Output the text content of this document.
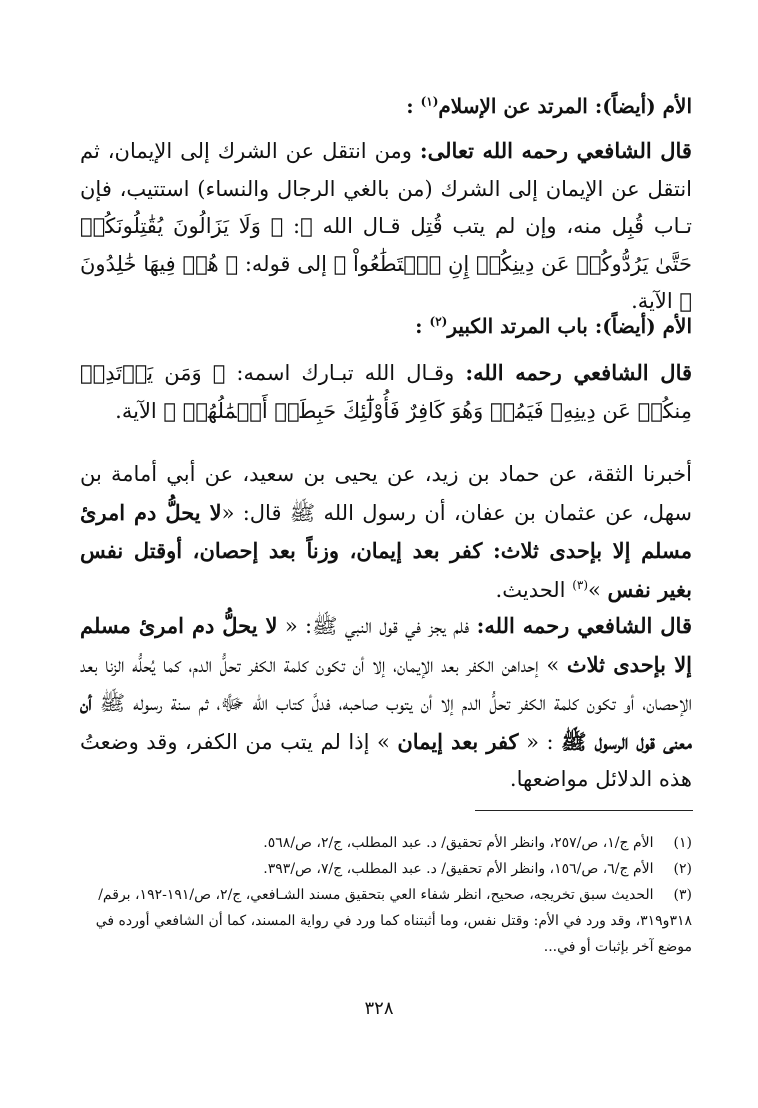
الأم (أيضاً): المرتد عن الإسلام$^{(١)}$ :

قال الشافعي رحمه الله تعالى: ومن انتقل عن الشرك إلى الإيمان، ثم انتقل عن الإيمان إلى الشرك (من بالغي الرجال والنساء) استتيب، فإن تـاب قُبِل منه، وإن لم يتب قُتِل قـال الله ﷻ: ﴿ وَلَا يَزَالُونَ يُقَٰتِلُونَكُمۡ حَتَّىٰ يَرُدُّوكُمۡ عَن دِينِكُمۡ إِنِ ٱسۡتَطَٰعُواْ ﴾ إلى قوله: ﴿ هُمۡ فِيهَا خَٰلِدُونَ ﴾ الآية.

الأم (أيضاً): باب المرتد الكبير$^{(٢)}$ :

قال الشافعي رحمه الله: وقـال الله تبـارك اسمه: ﴿ وَمَن يَرۡتَدِدۡ مِنكُمۡ عَن دِينِهِۦ فَيَمُتۡ وَهُوَ كَافِرٌ فَأُوْلَٰٓئِكَ حَبِطَتۡ أَعۡمَٰلُهُمۡ ﴾ الآية.

أخبرنا الثقة، عن حماد بن زيد، عن يحيى بن سعيد، عن أبي أمامة بن سهل، عن عثمان بن عفان، أن رسول الله ﷺ قال: «لا يحلُّ دم امرئ مسلم إلا بإحدى ثلاث: كفر بعد إيمان، وزناً بعد إحصان، أوقتل نفس بغير نفس »$^{(٣)}$ الحديث.

قال الشافعي رحمه الله: فلم يجز في قول النبي ﷺ: « لا يحلُّ دم امرئ مسلم إلا بإحدى ثلاث » إحداهن الكفر بعد الإيمان، إلا أن تكون كلمة الكفر تحلُّ الدم، كما يُحلُّه الزنا بعد الإحصان، أو تكون كلمة الكفر تحلُّ الدم إلا أن يتوب صاحبه، فدلَّ كتاب الله ﷻ، ثم سنة رسوله ﷺ أن معنى قول الرسول ﷺ : « كفر بعد إيمان » إذا لم يتب من الكفر، وقد وضعتُ هذه الدلائل مواضعها.

(١) الأم ج/١، ص/٢٥٧، وانظر الأم تحقيق/ د. عبد المطلب، ج/٢، ص/٥٦٨.

(٢) الأم ج/٦، ص/١٥٦، وانظر الأم تحقيق/ د. عبد المطلب، ج/٧، ص/٣٩٣.

(٣) الحديث سبق تخريجه، صحيح، انظر شفاء العي بتحقيق مسند الشـافعي، ج/٢، ص/١٩١-١٩٢، برقم/٣١٨و٣١٩، وقد ورد في الأم: وقتل نفس، وما أثبتناه كما ورد في رواية المسند، كما أن الشافعي أورده في موضع آخر بإثبات أو في...

٣٢٨
